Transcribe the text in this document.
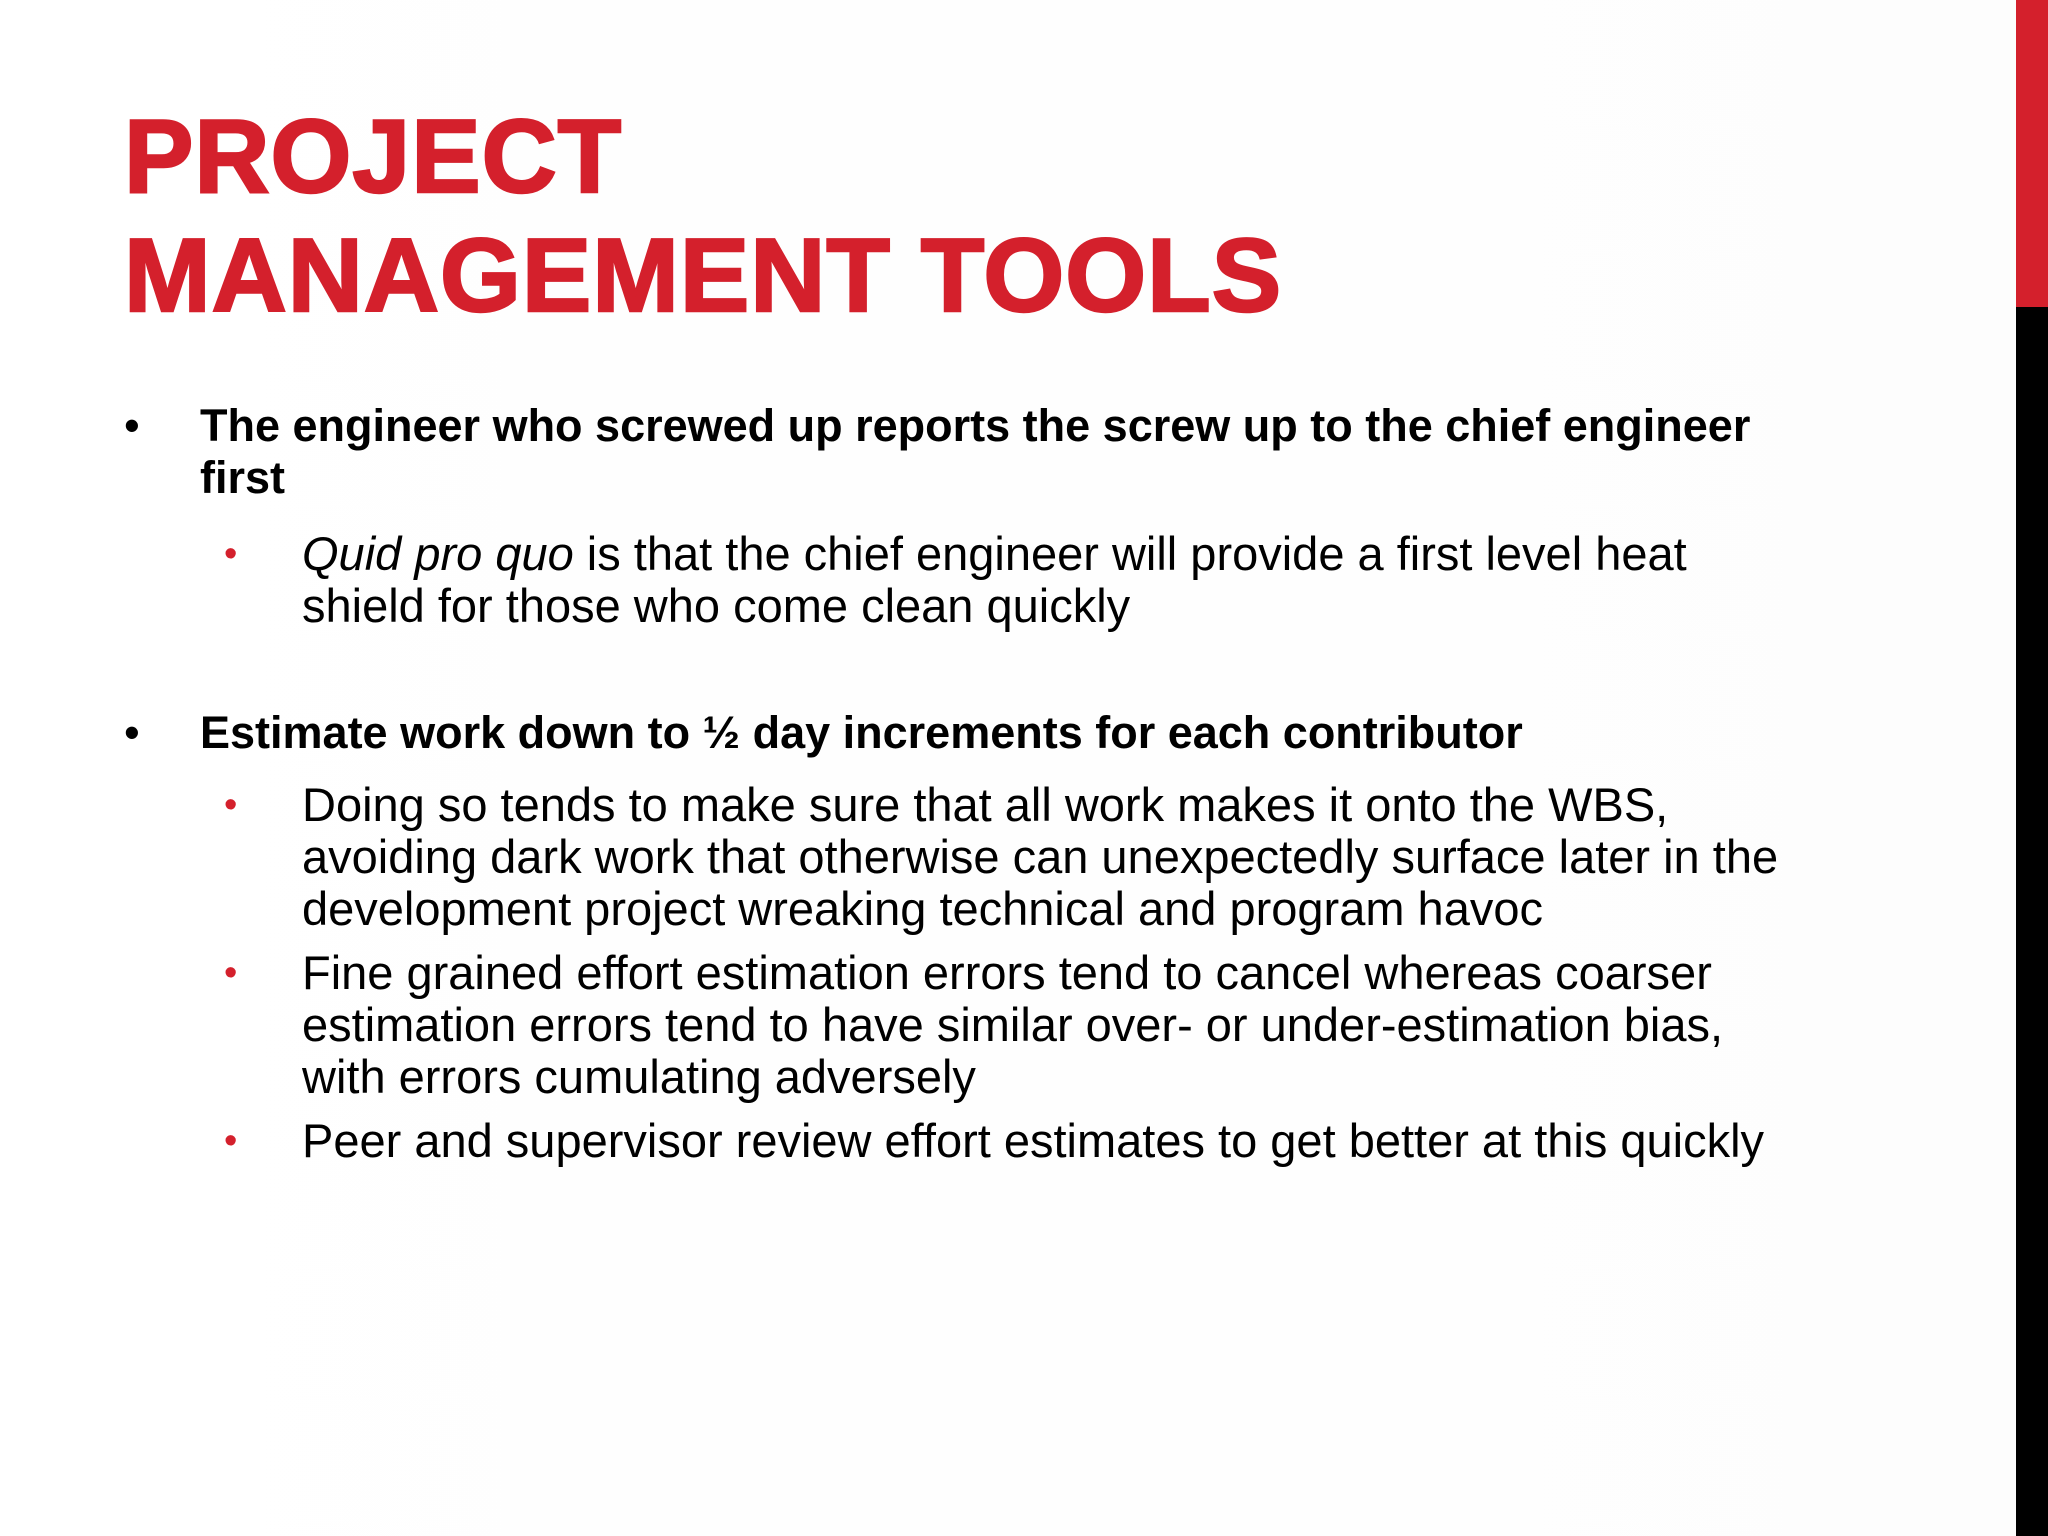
PROJECT
MANAGEMENT TOOLS
•	The engineer who screwed up reports the screw up to the chief engineer first
•	Quid pro quo is that the chief engineer will provide a first level heat shield for those who come clean quickly
•	Estimate work down to ½ day increments for each contributor
•	Doing so tends to make sure that all work makes it onto the WBS, avoiding dark work that otherwise can unexpectedly surface later in the development project wreaking technical and program havoc
•	Fine grained effort estimation errors tend to cancel whereas coarser estimation errors tend to have similar over- or under-estimation bias, with errors cumulating adversely
•	Peer and supervisor review effort estimates to get better at this quickly
